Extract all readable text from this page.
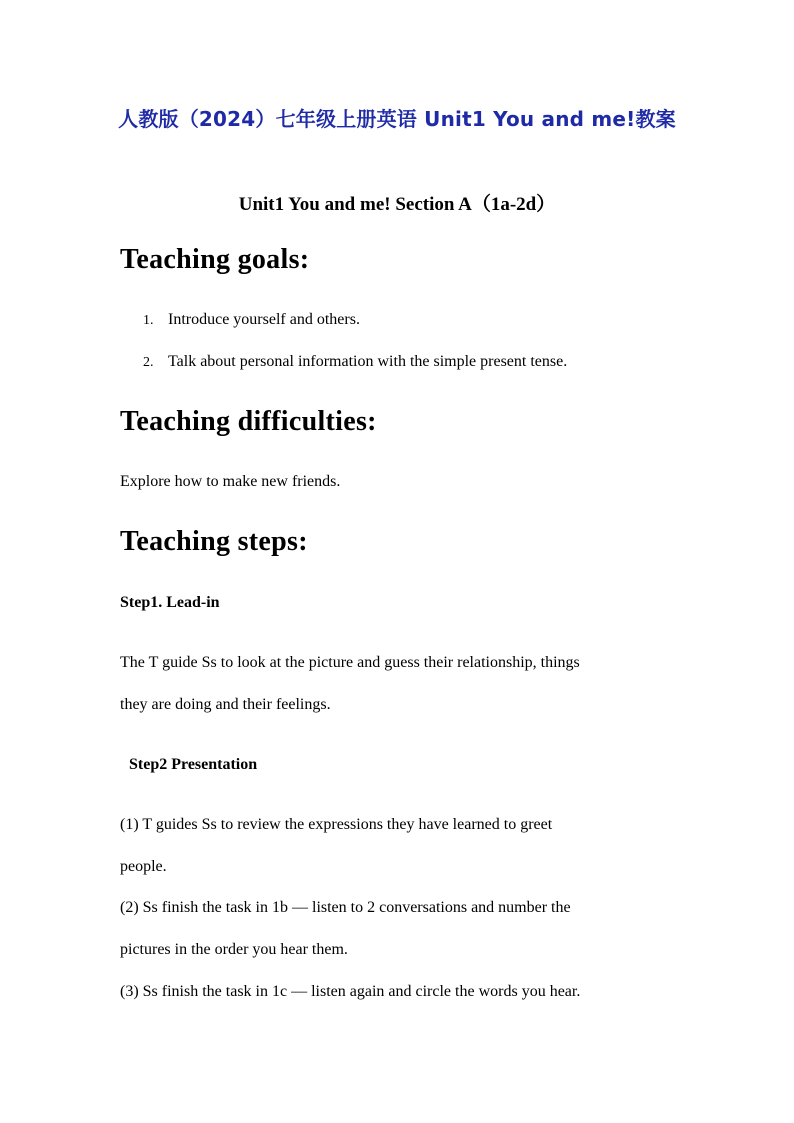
人教版（2024）七年级上册英语 Unit1 You and me!教案
Unit1 You and me! Section A（1a-2d）
Teaching goals:
1. Introduce yourself and others.
2. Talk about personal information with the simple present tense.
Teaching difficulties:
Explore how to make new friends.
Teaching steps:
Step1. Lead-in
The T guide Ss to look at the picture and guess their relationship, things
they are doing and their feelings.
Step2 Presentation
(1) T guides Ss to review the expressions they have learned to greet
people.
(2) Ss finish the task in 1b — listen to 2 conversations and number the
pictures in the order you hear them.
(3) Ss finish the task in 1c — listen again and circle the words you hear.
